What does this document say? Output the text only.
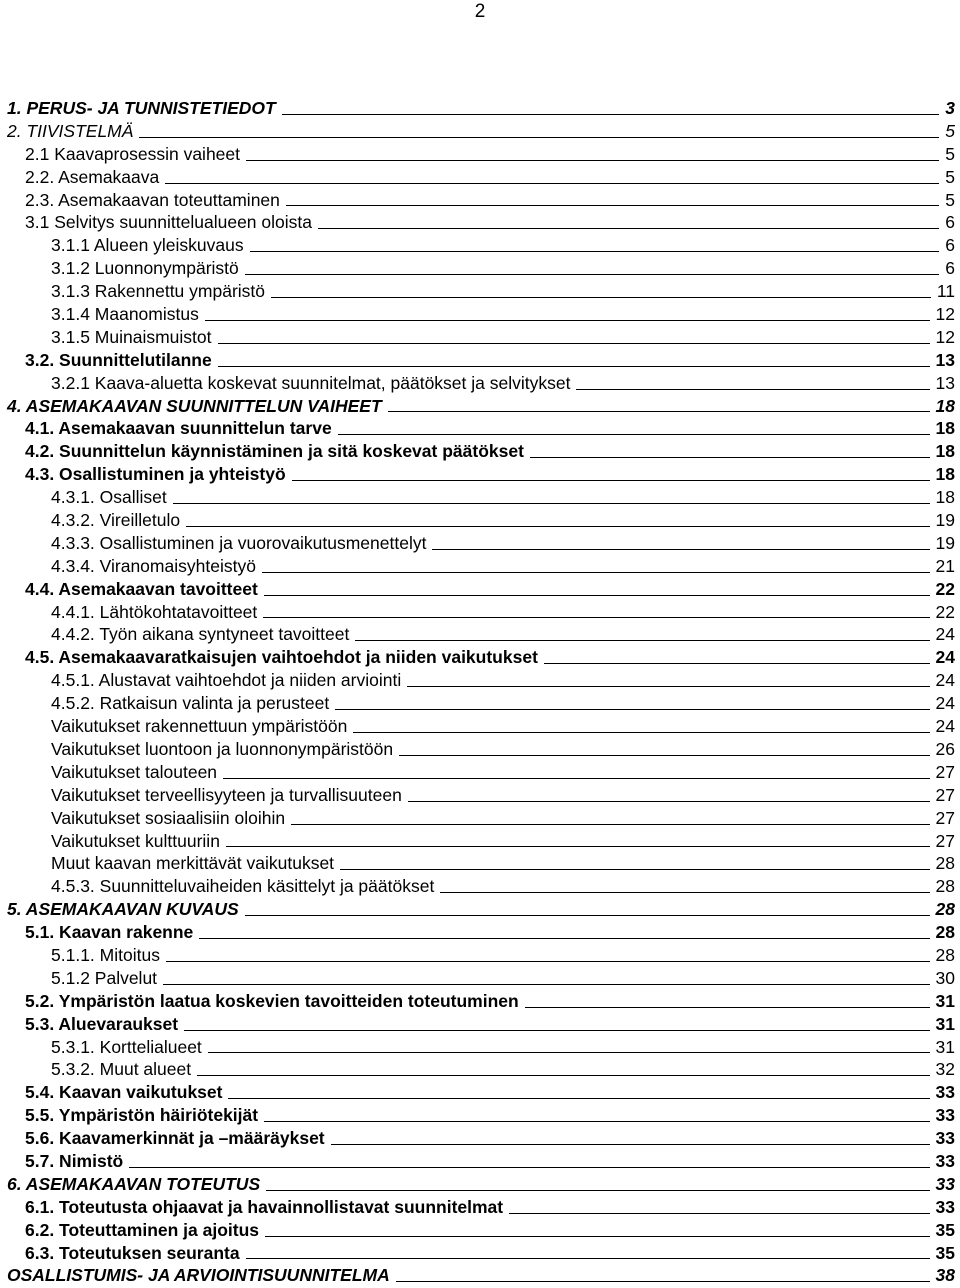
2
1. PERUS- JA TUNNISTETIEDOT	3
2. TIIVISTELMÄ	5
2.1 Kaavaprosessin vaiheet	5
2.2. Asemakaava	5
2.3. Asemakaavan toteuttaminen	5
3.1 Selvitys suunnittelualueen oloista	6
3.1.1 Alueen yleiskuvaus	6
3.1.2 Luonnonympäristö	6
3.1.3 Rakennettu ympäristö	11
3.1.4 Maanomistus	12
3.1.5 Muinaismuistot	12
3.2. Suunnittelutilanne	13
3.2.1 Kaava-aluetta koskevat suunnitelmat, päätökset ja selvitykset	13
4. ASEMAKAAVAN SUUNNITTELUN VAIHEET	18
4.1. Asemakaavan suunnittelun tarve	18
4.2. Suunnittelun käynnistäminen ja sitä koskevat päätökset	18
4.3. Osallistuminen ja yhteistyö	18
4.3.1. Osalliset	18
4.3.2. Vireilletulo	19
4.3.3. Osallistuminen ja vuorovaikutusmenettelyt	19
4.3.4. Viranomaisyhteistyö	21
4.4. Asemakaavan tavoitteet	22
4.4.1. Lähtökohtatavoitteet	22
4.4.2. Työn aikana syntyneet tavoitteet	24
4.5. Asemakaavaratkaisujen vaihtoehdot ja niiden vaikutukset	24
4.5.1. Alustavat vaihtoehdot ja niiden arviointi	24
4.5.2. Ratkaisun valinta ja perusteet	24
Vaikutukset rakennettuun ympäristöön	24
Vaikutukset luontoon ja luonnonympäristöön	26
Vaikutukset talouteen	27
Vaikutukset terveellisyyteen ja turvallisuuteen	27
Vaikutukset sosiaalisiin oloihin	27
Vaikutukset kulttuuriin	27
Muut kaavan merkittävät vaikutukset	28
4.5.3. Suunnitteluvaiheiden käsittelyt ja päätökset	28
5. ASEMAKAAVAN KUVAUS	28
5.1. Kaavan rakenne	28
5.1.1. Mitoitus	28
5.1.2 Palvelut	30
5.2. Ympäristön laatua koskevien tavoitteiden toteutuminen	31
5.3. Aluevaraukset	31
5.3.1. Korttelialueet	31
5.3.2. Muut alueet	32
5.4. Kaavan vaikutukset	33
5.5. Ympäristön häiriötekijät	33
5.6. Kaavamerkinnät ja –määräykset	33
5.7. Nimistö	33
6. ASEMAKAAVAN TOTEUTUS	33
6.1. Toteutusta ohjaavat ja havainnollistavat suunnitelmat	33
6.2. Toteuttaminen ja ajoitus	35
6.3. Toteutuksen seuranta	35
OSALLISTUMIS- JA ARVIOINTISUUNNITELMA	38
